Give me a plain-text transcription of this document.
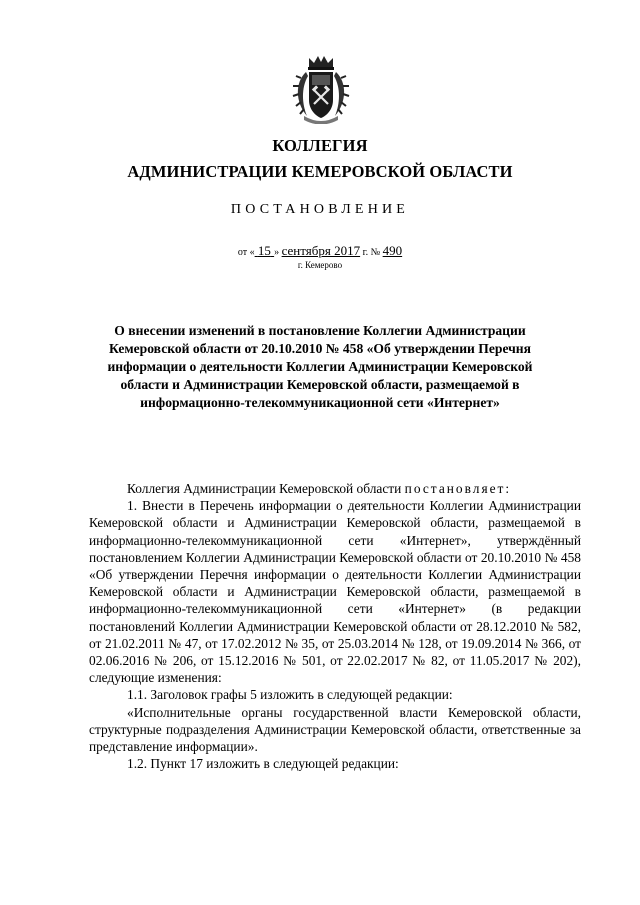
КОЛЛЕГИЯ
АДМИНИСТРАЦИИ КЕМЕРОВСКОЙ ОБЛАСТИ
ПОСТАНОВЛЕНИЕ
от « 15 » сентября 2017 г. № 490
г. Кемерово
О внесении изменений в постановление Коллегии Администрации Кемеровской области от 20.10.2010 № 458 «Об утверждении Перечня информации о деятельности Коллегии Администрации Кемеровской области и Администрации Кемеровской области, размещаемой в информационно-телекоммуникационной сети «Интернет»

Коллегия Администрации Кемеровской области постановляет:

1. Внести в Перечень информации о деятельности Коллегии Администрации Кемеровской области и Администрации Кемеровской области, размещаемой в информационно-телекоммуникационной сети «Интернет», утверждённый постановлением Коллегии Администрации Кемеровской области от 20.10.2010 № 458 «Об утверждении Перечня информации о деятельности Коллегии Администрации Кемеровской области и Администрации Кемеровской области, размещаемой в информационно-телекоммуникационной сети «Интернет» (в редакции постановлений Коллегии Администрации Кемеровской области от 28.12.2010 № 582, от 21.02.2011 № 47, от 17.02.2012 № 35, от 25.03.2014 № 128, от 19.09.2014 № 366, от 02.06.2016 № 206, от 15.12.2016 № 501, от 22.02.2017 № 82, от 11.05.2017 № 202), следующие изменения:

1.1. Заголовок графы 5 изложить в следующей редакции:

«Исполнительные органы государственной власти Кемеровской области, структурные подразделения Администрации Кемеровской области, ответственные за представление информации».

1.2. Пункт 17 изложить в следующей редакции:
